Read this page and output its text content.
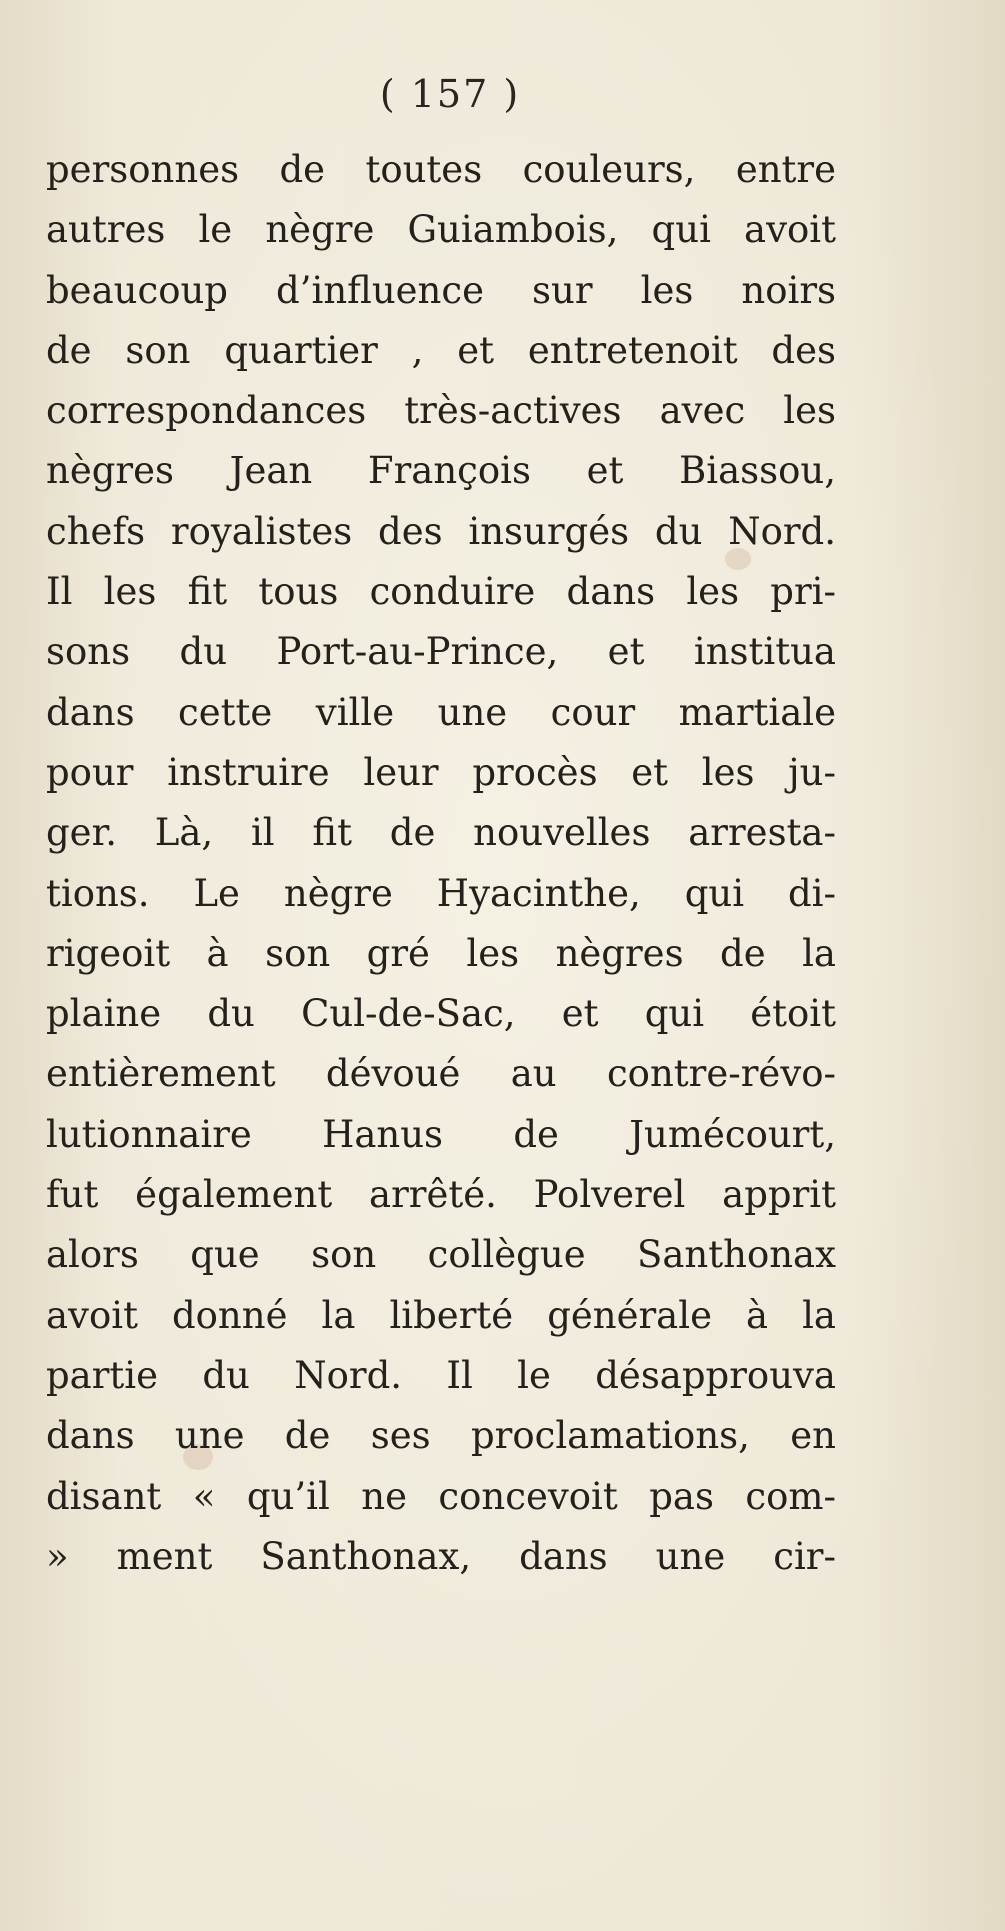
( 157 )
personnes de toutes couleurs, entre
autres le nègre Guiambois, qui avoit
beaucoup d’influence sur les noirs
de son quartier , et entretenoit des
correspondances très-actives avec les
nègres Jean François et Biassou,
chefs royalistes des insurgés du Nord.
Il les fit tous conduire dans les pri-
sons du Port-au-Prince, et institua
dans cette ville une cour martiale
pour instruire leur procès et les ju-
ger. Là, il fit de nouvelles arresta-
tions. Le nègre Hyacinthe, qui di-
rigeoit à son gré les nègres de la
plaine du Cul-de-Sac, et qui étoit
entièrement dévoué au contre-révo-
lutionnaire Hanus de Jumécourt,
fut également arrêté. Polverel apprit
alors que son collègue Santhonax
avoit donné la liberté générale à la
partie du Nord. Il le désapprouva
dans une de ses proclamations, en
disant « qu’il ne concevoit pas com-
» ment Santhonax, dans une cir-
